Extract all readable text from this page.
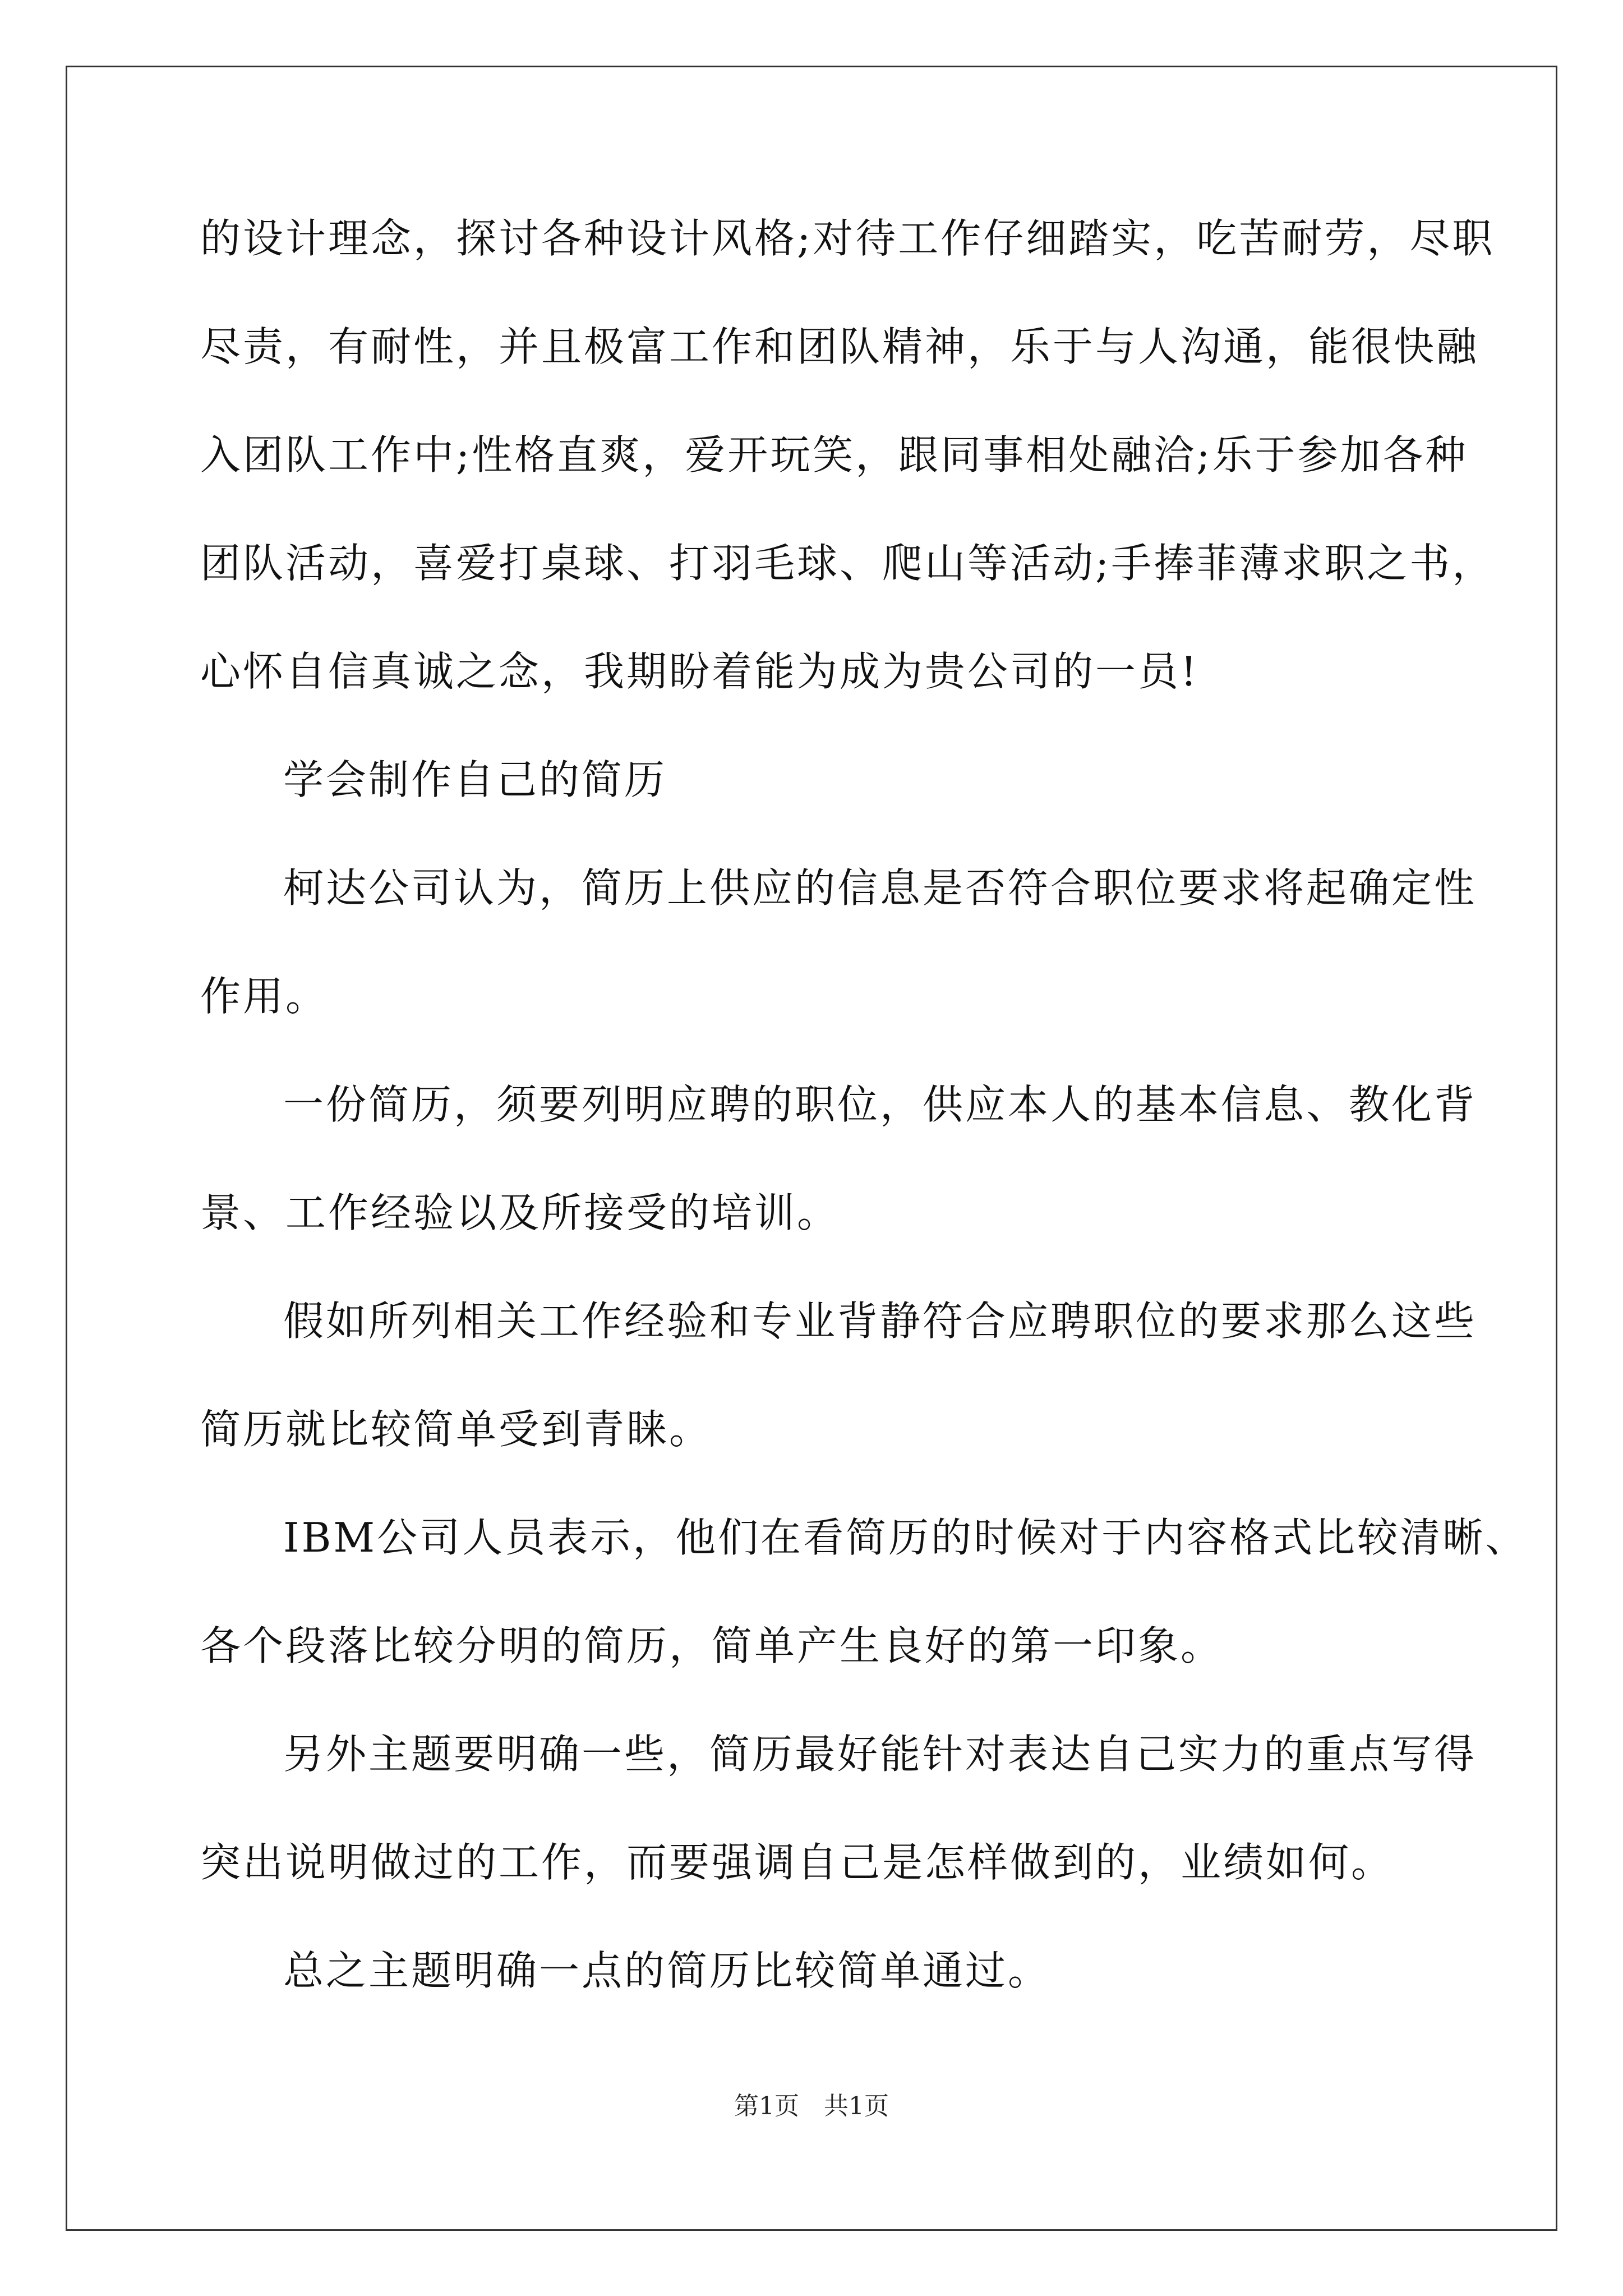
的设计理念，探讨各种设计风格;对待工作仔细踏实，吃苦耐劳，尽职
尽责，有耐性，并且极富工作和团队精神，乐于与人沟通，能很快融
入团队工作中;性格直爽，爱开玩笑，跟同事相处融洽;乐于参加各种
团队活动，喜爱打桌球、打羽毛球、爬山等活动;手捧菲薄求职之书，
心怀自信真诚之念，我期盼着能为成为贵公司的一员!
学会制作自己的简历
柯达公司认为，简历上供应的信息是否符合职位要求将起确定性
作用。
一份简历，须要列明应聘的职位，供应本人的基本信息、教化背
景、工作经验以及所接受的培训。
假如所列相关工作经验和专业背静符合应聘职位的要求那么这些
简历就比较简单受到青睐。
IBM公司人员表示，他们在看简历的时候对于内容格式比较清晰、
各个段落比较分明的简历，简单产生良好的第一印象。
另外主题要明确一些，简历最好能针对表达自己实力的重点写得
突出说明做过的工作，而要强调自己是怎样做到的，业绩如何。
总之主题明确一点的简历比较简单通过。
第1页 共1页
